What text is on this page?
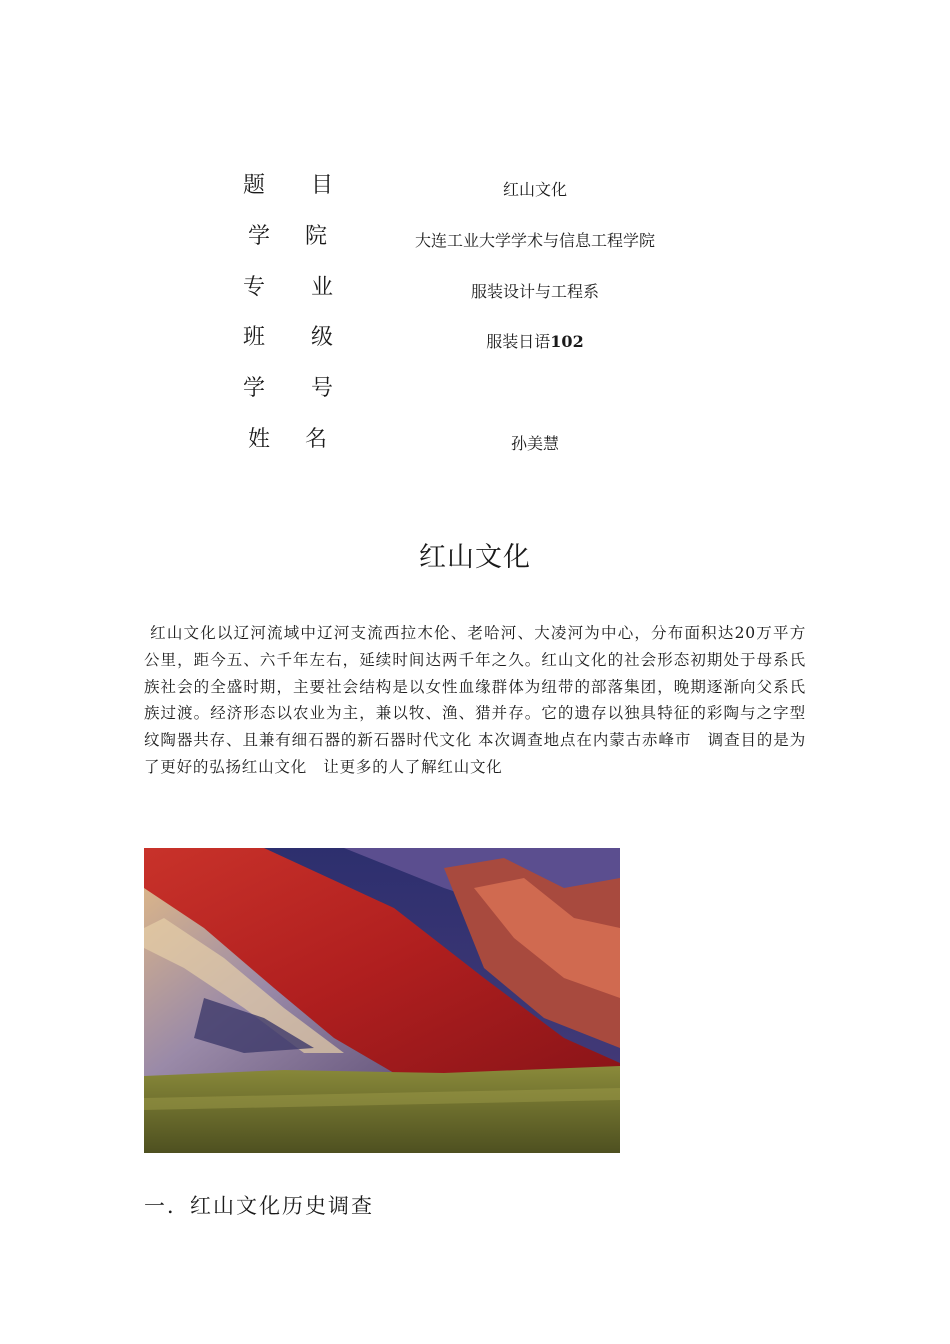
题 目	红山文化
学 院	大连工业大学学术与信息工程学院
专 业	服装设计与工程系
班 级	服装日语102
学 号
姓 名	孙美慧
红山文化
红山文化以辽河流域中辽河支流西拉木伦、老哈河、大凌河为中心，分布面积达20万平方公里，距今五、六千年左右，延续时间达两千年之久。红山文化的社会形态初期处于母系氏族社会的全盛时期，主要社会结构是以女性血缘群体为纽带的部落集团，晚期逐渐向父系氏族过渡。经济形态以农业为主，兼以牧、渔、猎并存。它的遗存以独具特征的彩陶与之字型纹陶器共存、且兼有细石器的新石器时代文化 本次调查地点在内蒙古赤峰市　调查目的是为了更好的弘扬红山文化　让更多的人了解红山文化
一．红山文化历史调查
